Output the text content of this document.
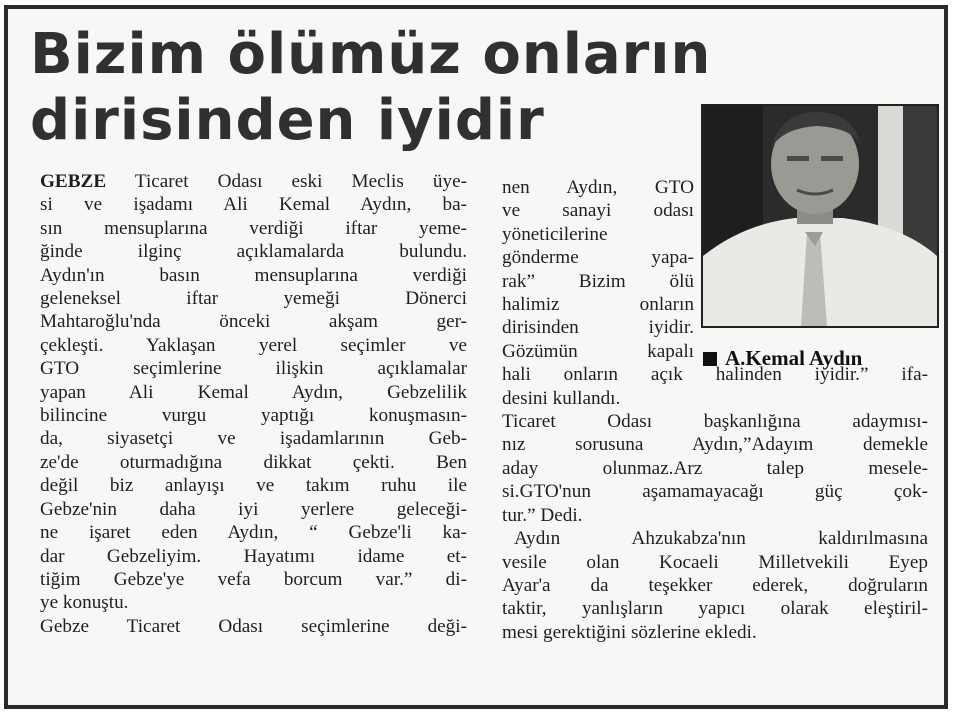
Bizim ölümüz onların
dirisinden iyidir
GEBZE Ticaret Odası eski Meclis üye-
si ve işadamı Ali Kemal Aydın, ba-
sın mensuplarına verdiği iftar yeme-
ğinde ilginç açıklamalarda bulundu.
Aydın'ın basın mensuplarına verdiği
geleneksel iftar yemeği Dönerci
Mahtaroğlu'nda önceki akşam ger-
çekleşti. Yaklaşan yerel seçimler ve
GTO seçimlerine ilişkin açıklamalar
yapan Ali Kemal Aydın, Gebzelilik
bilincine vurgu yaptığı konuşmasın-
da, siyasetçi ve işadamlarının Geb-
ze'de oturmadığına dikkat çekti. Ben
değil biz anlayışı ve takım ruhu ile
Gebze'nin daha iyi yerlere geleceği-
ne işaret eden Aydın, “ Gebze'li ka-
dar Gebzeliyim. Hayatımı idame et-
tiğim Gebze'ye vefa borcum var.” di-
ye konuştu.
Gebze Ticaret Odası seçimlerine deği-
A.Kemal Aydın
nen Aydın, GTO
ve sanayi odası
yöneticilerine
gönderme yapa-
rak” Bizim ölü
halimiz onların
dirisinden iyidir.
Gözümün kapalı
hali onların açık halinden iyidir.” ifa-
desini kullandı.
Ticaret Odası başkanlığına adaymısı-
nız sorusuna Aydın,”Adayım demekle
aday olunmaz.Arz talep mesele-
si.GTO'nun aşamamayacağı güç çok-
tur.” Dedi.
Aydın Ahzukabza'nın kaldırılmasına
vesile olan Kocaeli Milletvekili Eyep
Ayar'a da teşekker ederek, doğruların
taktir, yanlışların yapıcı olarak eleştiril-
mesi gerektiğini sözlerine ekledi.
